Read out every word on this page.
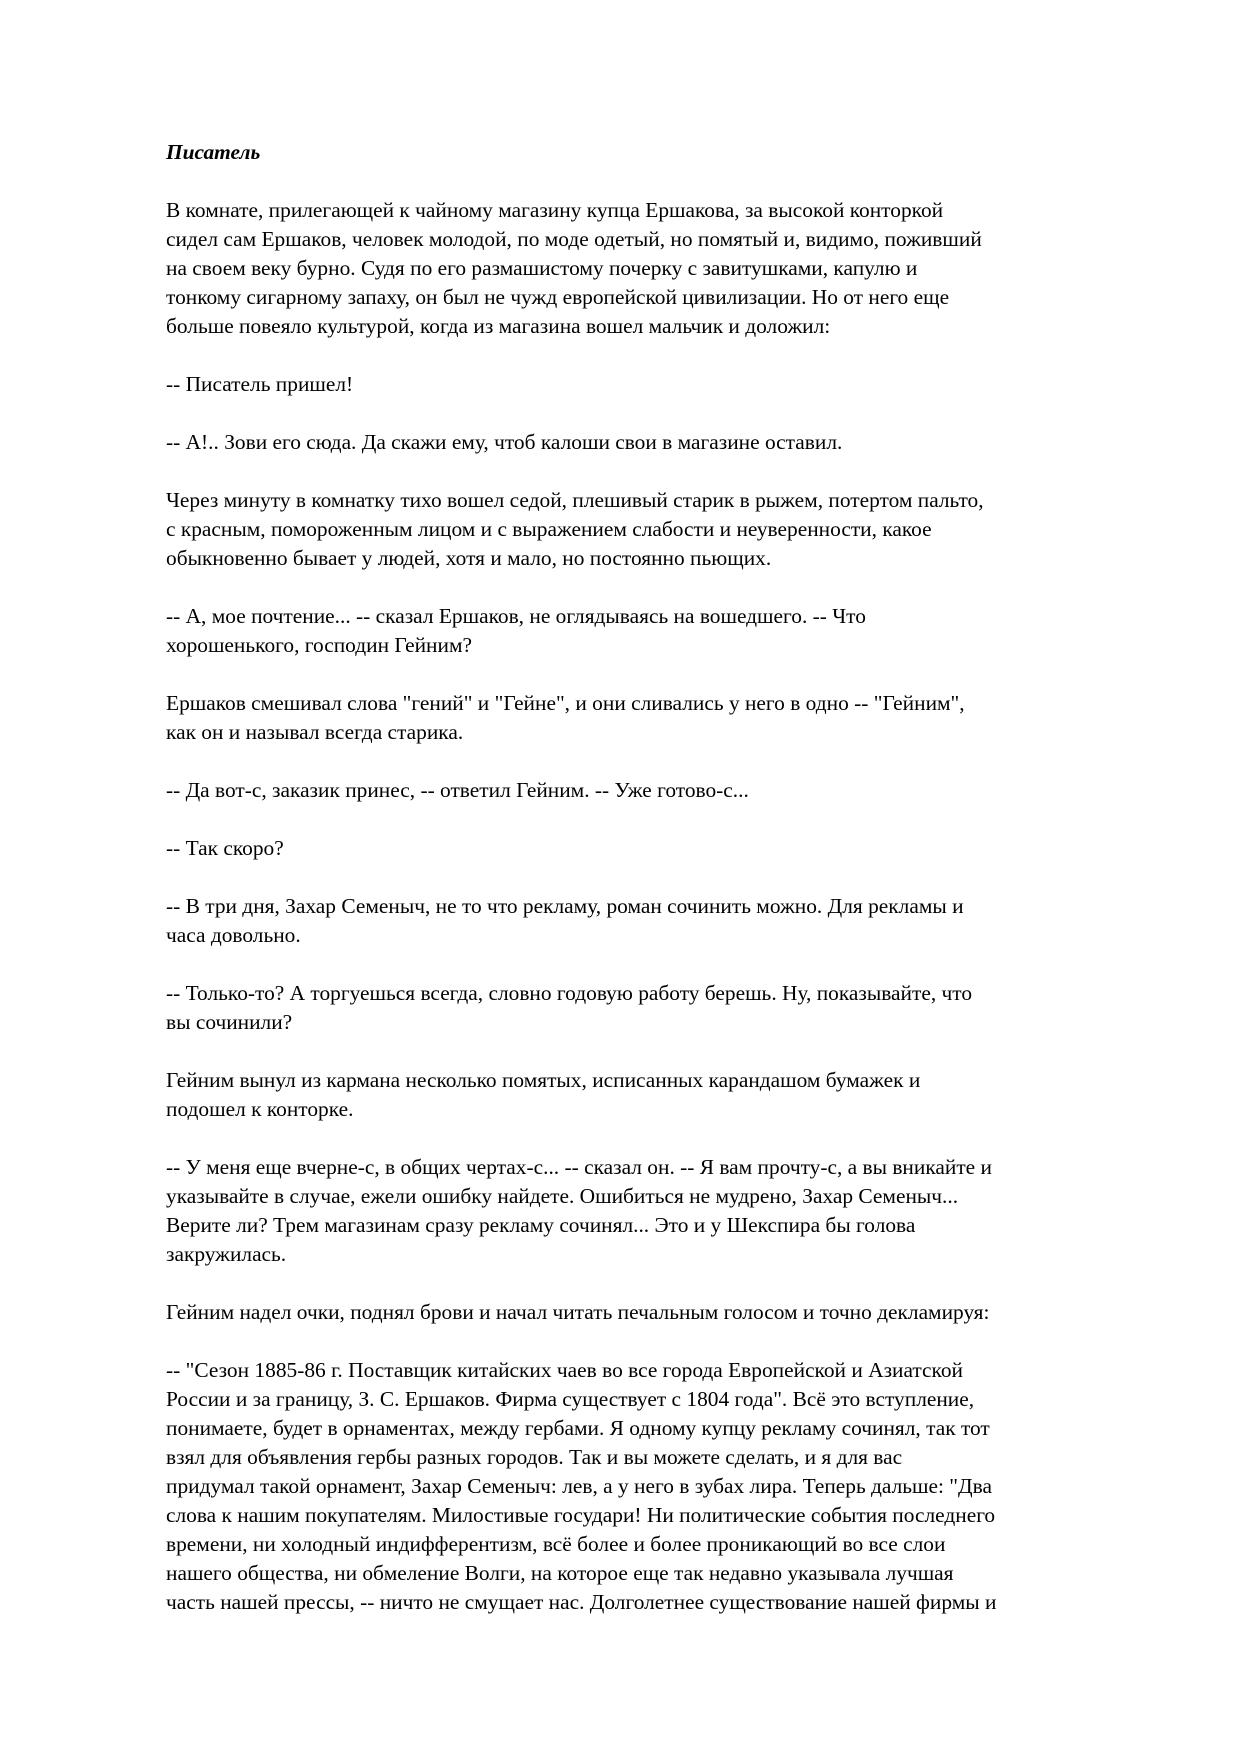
Писатель

В комнате, прилегающей к чайному магазину купца Ершакова, за высокой конторкой
сидел сам Ершаков, человек молодой, по моде одетый, но помятый и, видимо, поживший
на своем веку бурно. Судя по его размашистому почерку с завитушками, капулю и
тонкому сигарному запаху, он был не чужд европейской цивилизации. Но от него еще
больше повеяло культурой, когда из магазина вошел мальчик и доложил:

-- Писатель пришел!

-- А!.. Зови его сюда. Да скажи ему, чтоб калоши свои в магазине оставил.

Через минуту в комнатку тихо вошел седой, плешивый старик в рыжем, потертом пальто,
с красным, помороженным лицом и с выражением слабости и неуверенности, какое
обыкновенно бывает у людей, хотя и мало, но постоянно пьющих.

-- А, мое почтение... -- сказал Ершаков, не оглядываясь на вошедшего. -- Что
хорошенького, господин Гейним?

Ершаков смешивал слова "гений" и "Гейне", и они сливались у него в одно -- "Гейним",
как он и называл всегда старика.

-- Да вот-с, заказик принес, -- ответил Гейним. -- Уже готово-с...

-- Так скоро?

-- В три дня, Захар Семеныч, не то что рекламу, роман сочинить можно. Для рекламы и
часа довольно.

-- Только-то? А торгуешься всегда, словно годовую работу берешь. Ну, показывайте, что
вы сочинили?

Гейним вынул из кармана несколько помятых, исписанных карандашом бумажек и
подошел к конторке.

-- У меня еще вчерне-с, в общих чертах-с... -- сказал он. -- Я вам прочту-с, а вы вникайте и
указывайте в случае, ежели ошибку найдете. Ошибиться не мудрено, Захар Семеныч...
Верите ли? Трем магазинам сразу рекламу сочинял... Это и у Шекспира бы голова
закружилась.

Гейним надел очки, поднял брови и начал читать печальным голосом и точно декламируя:

-- "Сезон 1885-86 г. Поставщик китайских чаев во все города Европейской и Азиатской
России и за границу, З. С. Ершаков. Фирма существует с 1804 года". Всё это вступление,
понимаете, будет в орнаментах, между гербами. Я одному купцу рекламу сочинял, так тот
взял для объявления гербы разных городов. Так и вы можете сделать, и я для вас
придумал такой орнамент, Захар Семеныч: лев, а у него в зубах лира. Теперь дальше: "Два
слова к нашим покупателям. Милостивые государи! Ни политические события последнего
времени, ни холодный индифферентизм, всё более и более проникающий во все слои
нашего общества, ни обмеление Волги, на которое еще так недавно указывала лучшая
часть нашей прессы, -- ничто не смущает нас. Долголетнее существование нашей фирмы и
